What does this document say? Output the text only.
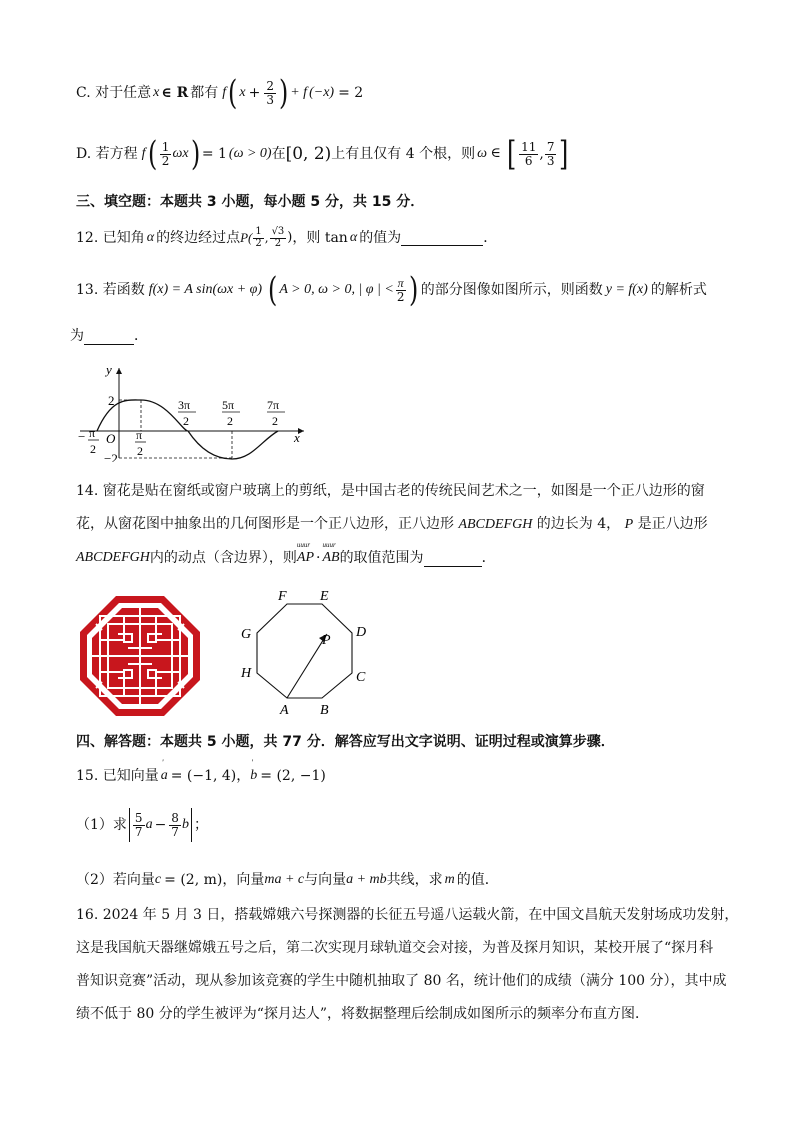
C. 对于任意 x ∈ R 都有 f ( $x + \frac{2}{3}$ ) + f (−x) = 2
D. 若方程 f ( $\frac{1}{2}$ ωx ) = 1 (ω > 0) 在 [0, 2) 上有且仅有 4 个根，则 ω ∈ [ $\frac{11}{6}$ , $\frac{7}{3}$ ]
三、填空题：本题共 3 小题，每小题 5 分，共 15 分．
12. 已知角 α 的终边经过点 $P( \frac{1}{2}$ , $\frac{√3}{2}$ ) ，则 tan α 的值为	．
13. 若函数 f(x) = A sin(ωx + φ) ( A > 0, ω > 0, | φ | < $\frac{\pi}{2}$ ) 的部分图像如图所示，则函数 y = f(x) 的解析式
为	．
y
x
O
2
−2
− π
2
π
2
3π
2
5π
2
7π
2
14. 窗花是贴在窗纸或窗户玻璃上的剪纸，是中国古老的传统民间艺术之一，如图是一个正八边形的窗
花，从窗花图中抽象出的几何图形是一个正八边形，正八边形 ABCDEFGH 的边长为 4， P 是正八边形
ABCDEFGH 内的动点（含边界），则 uuur AP · uuur AB 的取值范围为	．
A B
C
D
E
F
G
H
P
四、解答题：本题共 5 小题，共 77 分．解答应写出文字说明、证明过程或演算步骤．
15. 已知向量
'
a = (−1, 4) ，
'
b = (2, −1)
（1）求 $\frac{5}{7}$ $a - \frac{8}{7}$ b ；
（2）若向量 c = (2, m) ，向量 ma + c 与向量 a + mb 共线，求 m 的值．
16. 2024 年 5 月 3 日，搭载嫦娥六号探测器的长征五号遥八运载火箭，在中国文昌航天发射场成功发射，
这是我国航天器继嫦娥五号之后，第二次实现月球轨道交会对接，为普及探月知识，某校开展了“探月科
普知识竞赛”活动，现从参加该竞赛的学生中随机抽取了 80 名，统计他们的成绩（满分 100 分），其中成
绩不低于 80 分的学生被评为“探月达人”，将数据整理后绘制成如图所示的频率分布直方图．
